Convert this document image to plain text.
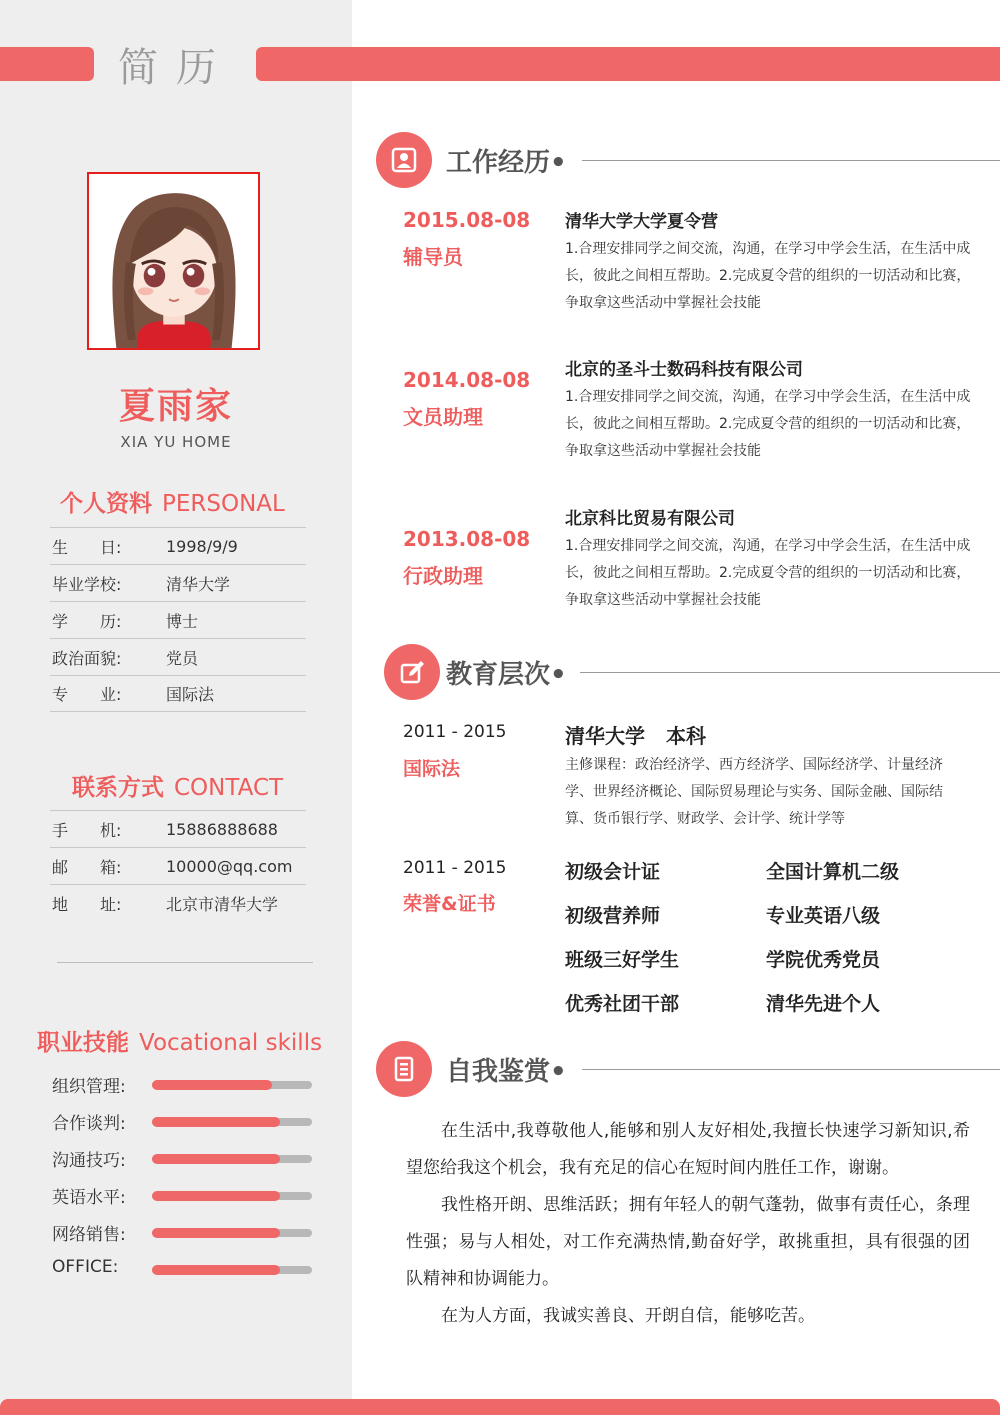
简历
夏雨家
XIA YU HOME
个人资料 PERSONAL
生　　日:	1998/9/9
毕业学校:	清华大学
学　　历:	博士
政治面貌:	党员
专　　业:	国际法
联系方式 CONTACT
手　　机:	15886888688
邮　　箱:	10000@qq.com
地　　址:	北京市清华大学
职业技能 Vocational skills
组织管理:
合作谈判:
沟通技巧:
英语水平:
网络销售:
OFFICE:
工作经历•
2015.08-08
辅导员
清华大学大学夏令营
1.合理安排同学之间交流，沟通，在学习中学会生活，在生活中成长，彼此之间相互帮助。2.完成夏令营的组织的一切活动和比赛，争取拿这些活动中掌握社会技能
2014.08-08
文员助理
北京的圣斗士数码科技有限公司
1.合理安排同学之间交流，沟通，在学习中学会生活，在生活中成长，彼此之间相互帮助。2.完成夏令营的组织的一切活动和比赛，争取拿这些活动中掌握社会技能
2013.08-08
行政助理
北京科比贸易有限公司
1.合理安排同学之间交流，沟通，在学习中学会生活，在生活中成长，彼此之间相互帮助。2.完成夏令营的组织的一切活动和比赛，争取拿这些活动中掌握社会技能
教育层次•
2011 - 2015
国际法
清华大学 本科
主修课程：政治经济学、西方经济学、国际经济学、计量经济学、世界经济概论、国际贸易理论与实务、国际金融、国际结算、货币银行学、财政学、会计学、统计学等
2011 - 2015
荣誉&证书
初级会计证	全国计算机二级
初级营养师	专业英语八级
班级三好学生	学院优秀党员
优秀社团干部	清华先进个人
自我鉴赏•

在生活中,我尊敬他人,能够和别人友好相处,我擅长快速学习新知识,希望您给我这个机会，我有充足的信心在短时间内胜任工作，谢谢。

我性格开朗、思维活跃；拥有年轻人的朝气蓬勃，做事有责任心，条理性强；易与人相处，对工作充满热情,勤奋好学，敢挑重担，具有很强的团队精神和协调能力。

在为人方面，我诚实善良、开朗自信，能够吃苦。
